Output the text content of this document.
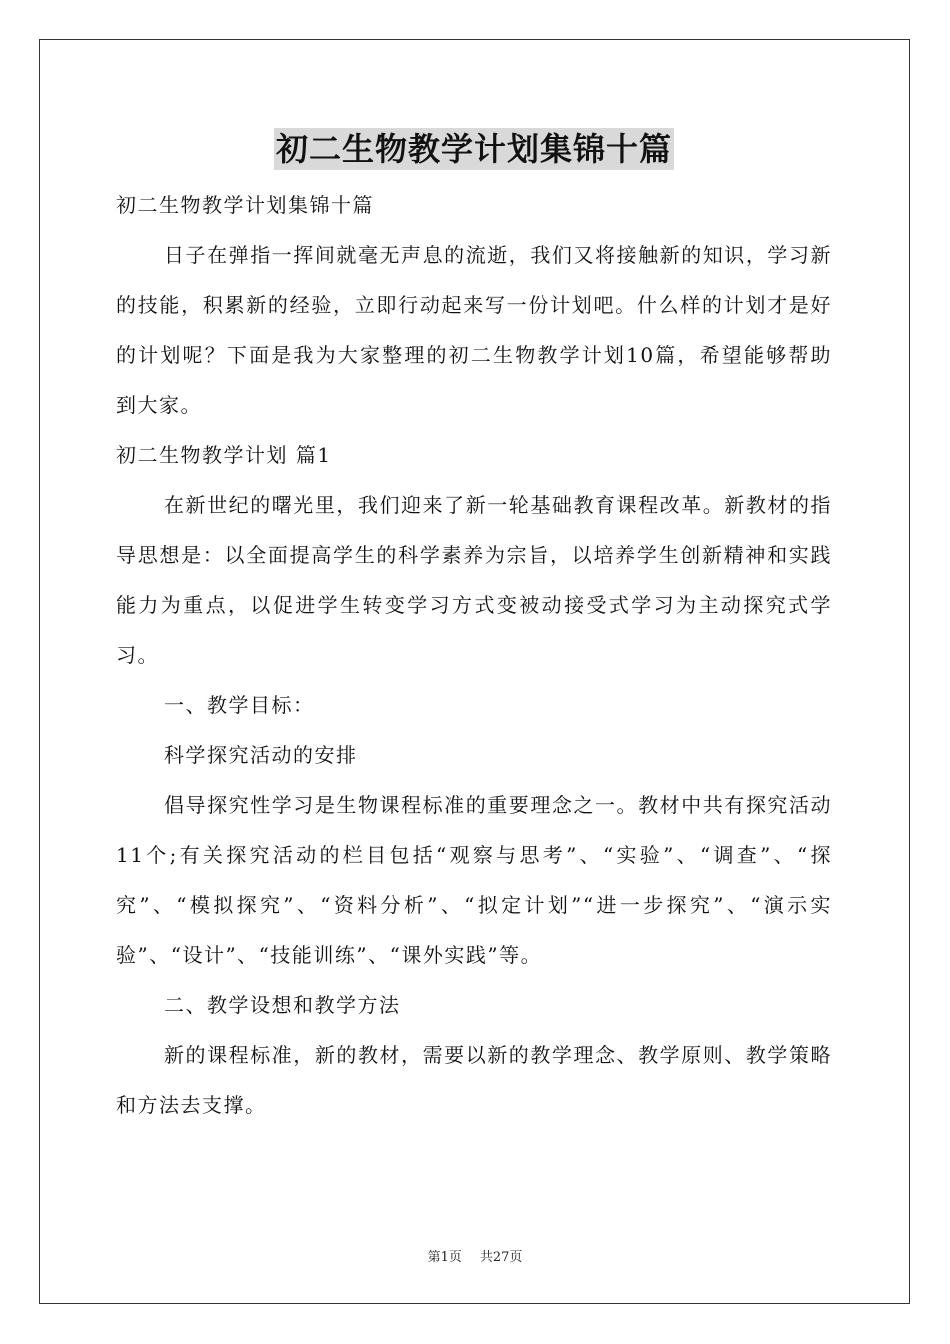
初二生物教学计划集锦十篇

初二生物教学计划集锦十篇

日子在弹指一挥间就毫无声息的流逝，我们又将接触新的知识，学习新的技能，积累新的经验，立即行动起来写一份计划吧。什么样的计划才是好的计划呢？下面是我为大家整理的初二生物教学计划10篇，希望能够帮助到大家。

初二生物教学计划 篇1

在新世纪的曙光里，我们迎来了新一轮基础教育课程改革。新教材的指导思想是：以全面提高学生的科学素养为宗旨，以培养学生创新精神和实践能力为重点，以促进学生转变学习方式变被动接受式学习为主动探究式学习。

一、教学目标：

科学探究活动的安排

倡导探究性学习是生物课程标准的重要理念之一。教材中共有探究活动11个;有关探究活动的栏目包括“观察与思考”、“实验”、“调查”、“探究”、“模拟探究”、“资料分析”、“拟定计划”“进一步探究”、“演示实验”、“设计”、“技能训练”、“课外实践”等。

二、教学设想和教学方法

新的课程标准，新的教材，需要以新的教学理念、教学原则、教学策略和方法去支撑。

第1页 共27页
